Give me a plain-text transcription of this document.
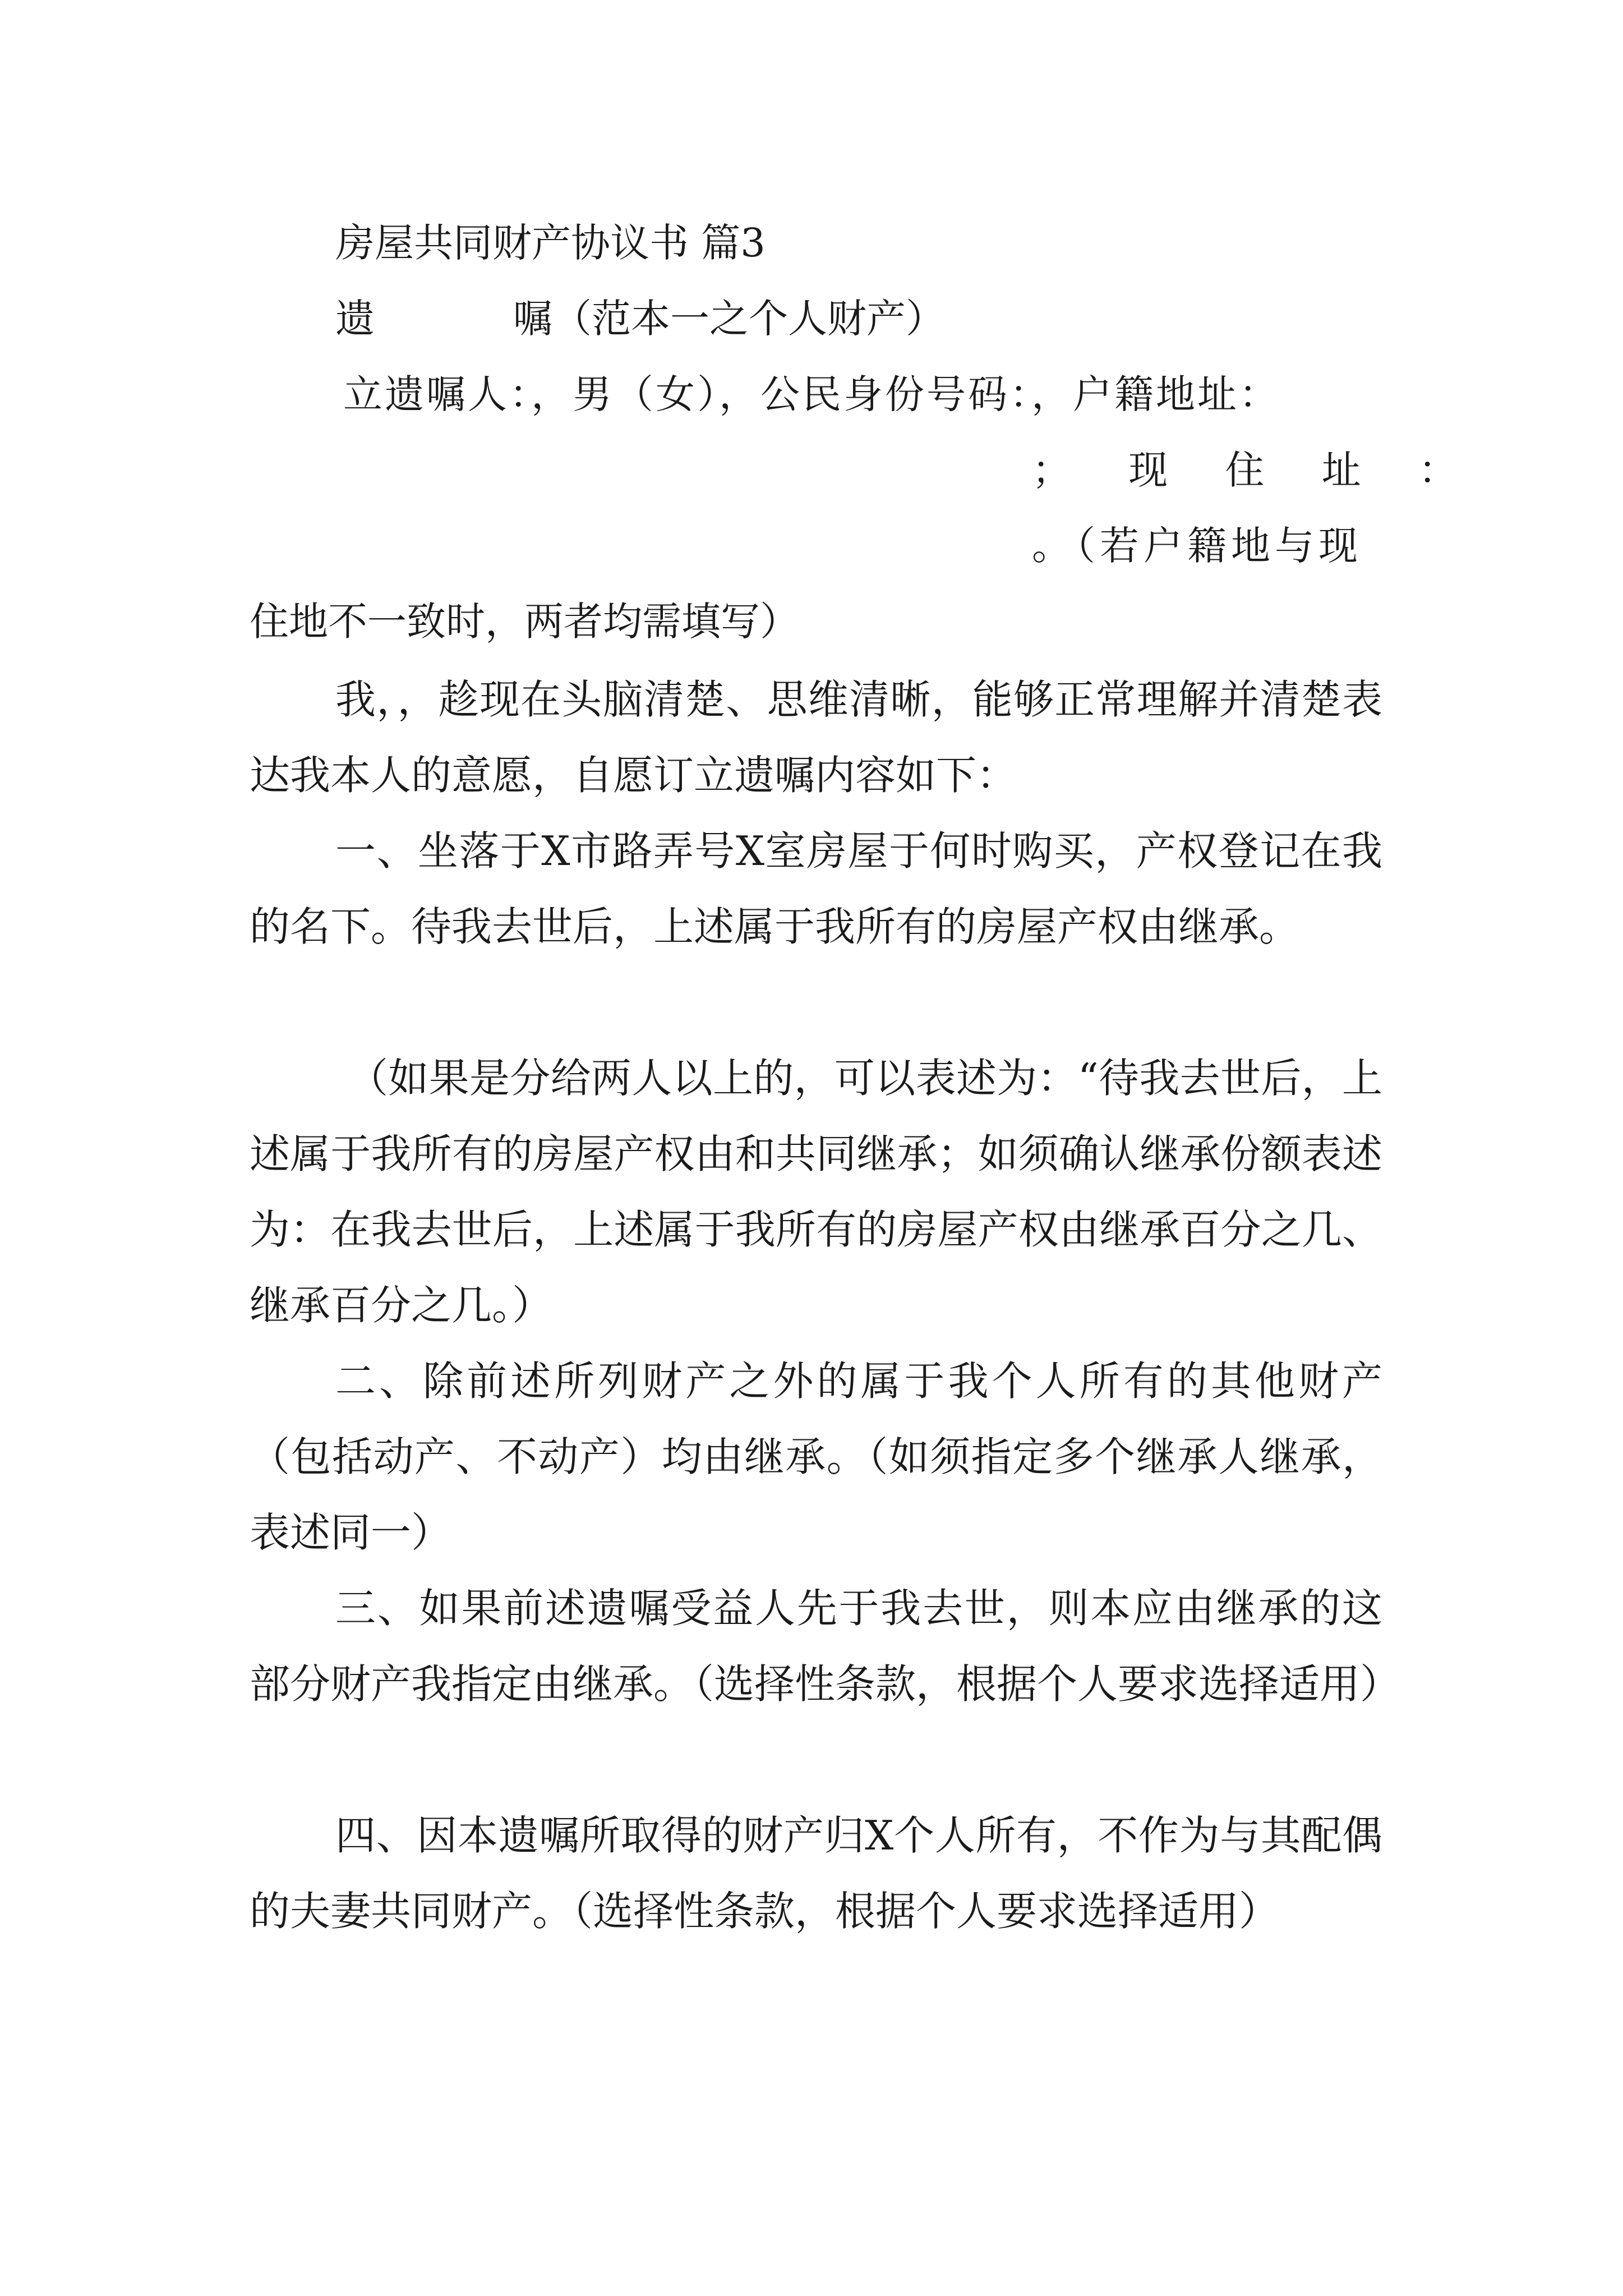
房屋共同财产协议书 篇3
遗	嘱（范本一之个人财产）
立遗嘱人：，男（女），公民身份号码：，户籍地址：
； 现 住 址 ：
。（若户籍地与现
住地不一致时，两者均需填写）
我，，趁现在头脑清楚、思维清晰，能够正常理解并清楚表达我本人的意愿，自愿订立遗嘱内容如下：
一、坐落于X市路弄号X室房屋于何时购买，产权登记在我的名下。待我去世后，上述属于我所有的房屋产权由继承。
（如果是分给两人以上的，可以表述为：“待我去世后，上述属于我所有的房屋产权由和共同继承；如须确认继承份额表述为：在我去世后，上述属于我所有的房屋产权由继承百分之几、继承百分之几。）
二、除前述所列财产之外的属于我个人所有的其他财产（包括动产、不动产）均由继承。（如须指定多个继承人继承，表述同一）
三、如果前述遗嘱受益人先于我去世，则本应由继承的这部分财产我指定由继承。（选择性条款，根据个人要求选择适用）
四、因本遗嘱所取得的财产归X个人所有，不作为与其配偶的夫妻共同财产。（选择性条款，根据个人要求选择适用）
